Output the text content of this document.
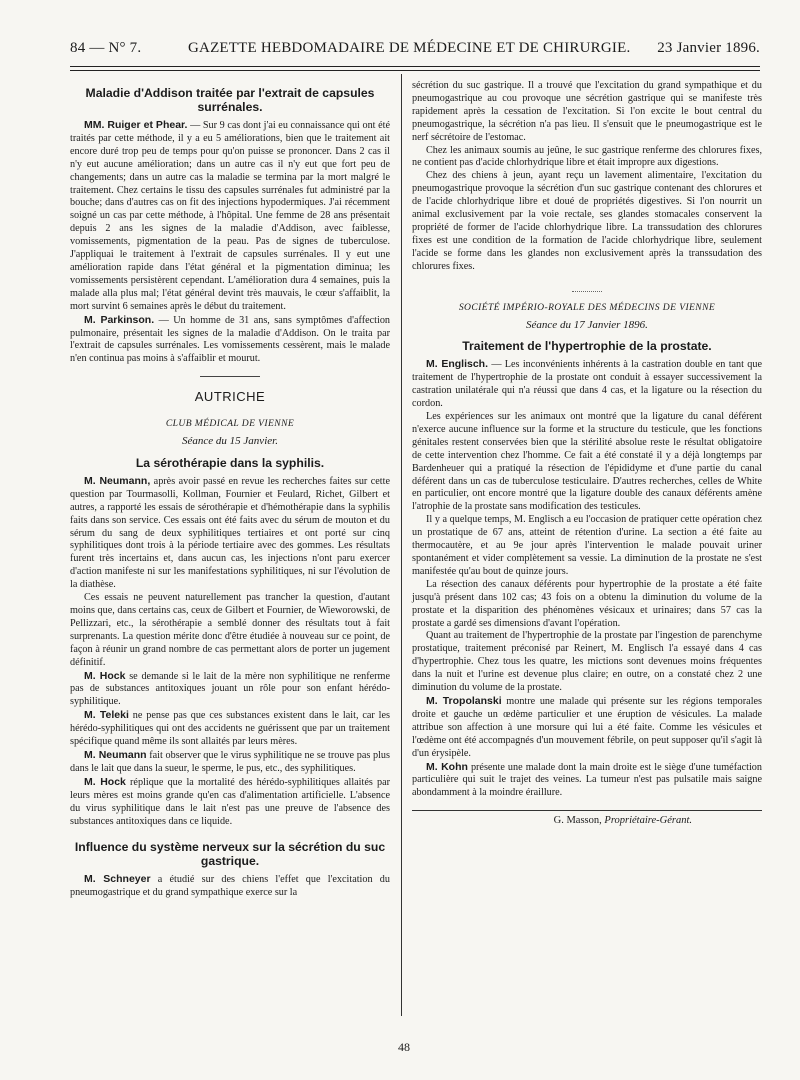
84 — N° 7.	GAZETTE HEBDOMADAIRE DE MÉDECINE ET DE CHIRURGIE. 23 Janvier 1896.
Maladie d'Addison traitée par l'extrait de capsules surrénales.

MM. Ruiger et Phear. — Sur 9 cas dont j'ai eu connaissance qui ont été traités par cette méthode, il y a eu 5 améliorations, bien que le traitement ait encore duré trop peu de temps pour qu'on puisse se prononcer. Dans 2 cas il n'y eut aucune amélioration; dans un autre cas il n'y eut que fort peu de changements; dans un autre cas la maladie se termina par la mort malgré le traitement. Chez certains le tissu des capsules surrénales fut administré par la bouche; dans d'autres cas on fit des injections hypodermiques. J'ai récemment soigné un cas par cette méthode, à l'hôpital. Une femme de 28 ans présentait depuis 2 ans les signes de la maladie d'Addison, avec faiblesse, vomissements, pigmentation de la peau. Pas de signes de tuberculose. J'appliquai le traitement à l'extrait de capsules surrénales. Il y eut une amélioration rapide dans l'état général et la pigmentation diminua; les vomissements persistèrent cependant. L'amélioration dura 4 semaines, puis la malade alla plus mal; l'état général devint très mauvais, le cœur s'affaiblit, la mort survint 6 semaines après le début du traitement.

M. Parkinson. — Un homme de 31 ans, sans symptômes d'affection pulmonaire, présentait les signes de la maladie d'Addison. On le traita par l'extrait de capsules surrénales. Les vomissements cessèrent, mais le malade n'en continua pas moins à s'affaiblir et mourut.

AUTRICHE
CLUB MÉDICAL DE VIENNE
Séance du 15 Janvier.
La sérothérapie dans la syphilis.

M. Neumann, après avoir passé en revue les recherches faites sur cette question par Tourmasolli, Kollman, Fournier et Feulard, Richet, Gilbert et autres, a rapporté les essais de sérothérapie et d'hémothérapie dans la syphilis faits dans son service. Ces essais ont été faits avec du sérum de mouton et du sérum du sang de deux syphilitiques tertiaires et ont porté sur cinq syphilitiques dont trois à la période tertiaire avec des gommes. Les résultats furent très incertains et, dans aucun cas, les injections n'ont paru exercer d'action manifeste ni sur les manifestations syphilitiques, ni sur l'évolution de la diathèse.

Ces essais ne peuvent naturellement pas trancher la question, d'autant moins que, dans certains cas, ceux de Gilbert et Fournier, de Wieworowski, de Pellizzari, etc., la sérothérapie a semblé donner des résultats tout à fait surprenants. La question mérite donc d'être étudiée à nouveau sur ce point, de façon à réunir un grand nombre de cas permettant alors de porter un jugement définitif.

M. Hock se demande si le lait de la mère non syphilitique ne renferme pas de substances antitoxiques jouant un rôle pour son enfant hérédo-syphilitique.

M. Teleki ne pense pas que ces substances existent dans le lait, car les hérédo-syphilitiques qui ont des accidents ne guérissent que par un traitement spécifique quand même ils sont allaités par leurs mères.

M. Neumann fait observer que le virus syphilitique ne se trouve pas plus dans le lait que dans la sueur, le sperme, le pus, etc., des syphilitiques.

M. Hock réplique que la mortalité des hérédo-syphilitiques allaités par leurs mères est moins grande qu'en cas d'alimentation artificielle. L'absence du virus syphilitique dans le lait n'est pas une preuve de l'absence des substances antitoxiques dans ce liquide.

Influence du système nerveux sur la sécrétion du suc gastrique.

M. Schneyer a étudié sur des chiens l'effet que l'excitation du pneumogastrique et du grand sympathique exerce sur la

sécrétion du suc gastrique. Il a trouvé que l'excitation du grand sympathique et du pneumogastrique au cou provoque une sécrétion gastrique qui se manifeste très rapidement après la cessation de l'excitation. Si l'on excite le bout central du pneumogastrique, la sécrétion n'a pas lieu. Il s'ensuit que le pneumogastrique est le nerf sécrétoire de l'estomac.

Chez les animaux soumis au jeûne, le suc gastrique renferme des chlorures fixes, ne contient pas d'acide chlorhydrique libre et était impropre aux digestions.

Chez des chiens à jeun, ayant reçu un lavement alimentaire, l'excitation du pneumogastrique provoque la sécrétion d'un suc gastrique contenant des chlorures et de l'acide chlorhydrique libre et doué de propriétés digestives. Si l'on nourrit un animal exclusivement par la voie rectale, ses glandes stomacales conservent la propriété de former de l'acide chlorhydrique libre. La transsudation des chlorures fixes est une condition de la formation de l'acide chlorhydrique libre, seulement l'acide se forme dans les glandes non exclusivement après la transsudation des chlorures fixes.

SOCIÉTÉ IMPÉRIO-ROYALE DES MÉDECINS DE VIENNE
Séance du 17 Janvier 1896.
Traitement de l'hypertrophie de la prostate.

M. Englisch. — Les inconvénients inhérents à la castration double en tant que traitement de l'hypertrophie de la prostate ont conduit à essayer successivement la castration unilatérale qui n'a réussi que dans 4 cas, et la ligature ou la résection du cordon.

Les expériences sur les animaux ont montré que la ligature du canal déférent n'exerce aucune influence sur la forme et la structure du testicule, que les fonctions génitales restent conservées bien que la stérilité absolue reste le résultat obligatoire de cette intervention chez l'homme. Ce fait a été constaté il y a déjà longtemps par Bardenheuer qui a pratiqué la résection de l'épididyme et d'une partie du canal déférent dans un cas de tuberculose testiculaire. D'autres recherches, celles de White en particulier, ont encore montré que la ligature double des canaux déférents amène l'atrophie de la prostate sans modification des testicules.

Il y a quelque temps, M. Englisch a eu l'occasion de pratiquer cette opération chez un prostatique de 67 ans, atteint de rétention d'urine. La section a été faite au thermocautère, et au 9e jour après l'intervention le malade pouvait uriner spontanément et vider complètement sa vessie. La diminution de la prostate ne s'est manifestée qu'au bout de quinze jours.

La résection des canaux déférents pour hypertrophie de la prostate a été faite jusqu'à présent dans 102 cas; 43 fois on a obtenu la diminution du volume de la prostate et la disparition des phénomènes vésicaux et urinaires; dans 57 cas la prostate a gardé ses dimensions d'avant l'opération.

Quant au traitement de l'hypertrophie de la prostate par l'ingestion de parenchyme prostatique, traitement préconisé par Reinert, M. Englisch l'a essayé dans 4 cas d'hypertrophie. Chez tous les quatre, les mictions sont devenues moins fréquentes dans la nuit et l'urine est devenue plus claire; en outre, on a constaté chez 2 une diminution du volume de la prostate.

M. Tropolanski montre une malade qui présente sur les régions temporales droite et gauche un œdème particulier et une éruption de vésicules. La malade attribue son affection à une morsure qui lui a été faite. Comme les vésicules et l'œdème ont été accompagnés d'un mouvement fébrile, on peut supposer qu'il s'agit là d'un érysipèle.

M. Kohn présente une malade dont la main droite est le siège d'une tuméfaction particulière qui suit le trajet des veines. La tumeur n'est pas pulsatile mais saigne abondamment à la moindre éraillure.

G. Masson, Propriétaire-Gérant.
48
